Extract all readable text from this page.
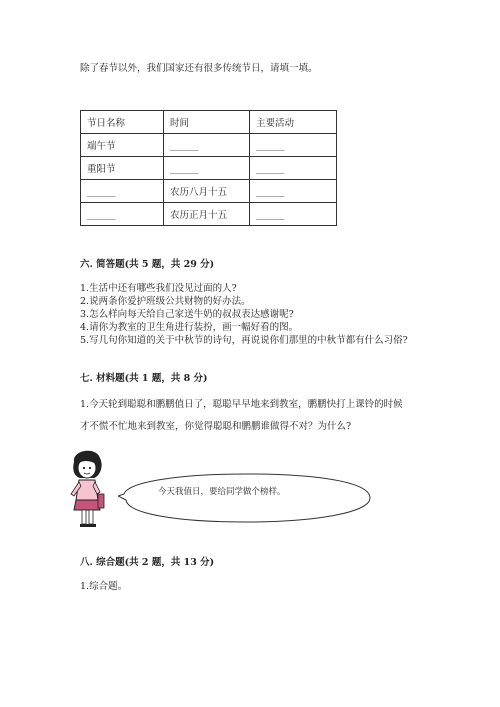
除了春节以外，我们国家还有很多传统节日，请填一填。
节日名称	时间	主要活动
端午节	______	______
重阳节	______	______
______	农历八月十五	______
______	农历正月十五	______
六. 简答题(共 5 题，共 29 分)
1.生活中还有哪些我们没见过面的人?
2.说两条你爱护班级公共财物的好办法。
3.怎么样向每天给自己家送牛奶的叔叔表达感谢呢?
4.请你为教室的卫生角进行装扮，画一幅好看的图。
5.写几句你知道的关于中秋节的诗句，再说说你们那里的中秋节都有什么习俗?
七. 材料题(共 1 题，共 8 分)
1.今天轮到聪聪和鹏鹏值日了，聪聪早早地来到教室，鹏鹏快打上课铃的时候
才不慌不忙地来到教室，你觉得聪聪和鹏鹏谁做得不对？为什么?
今天我值日，要给同学做个榜样。
八. 综合题(共 2 题，共 13 分)
1.综合题。
